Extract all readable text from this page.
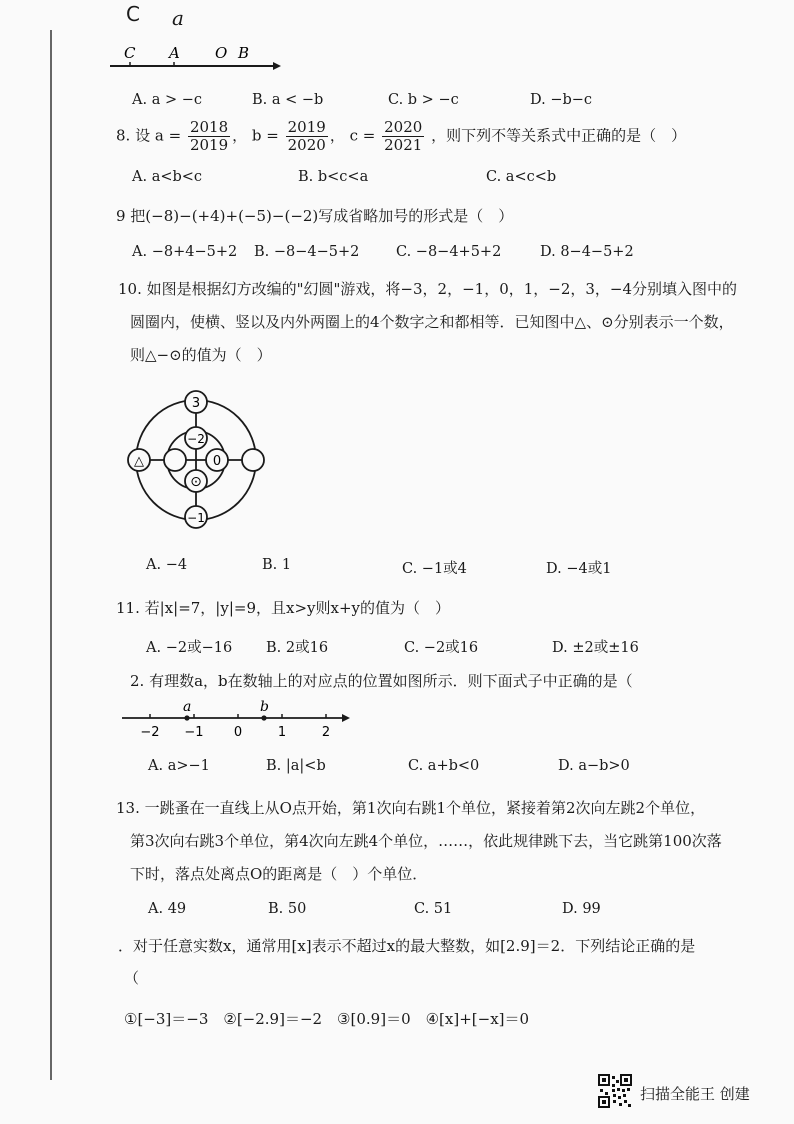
C a
C A O B
A. a > −c	B. a < −b	C. b > −c	D. −b−c
8. 设 $a = \frac{2018}{2019}$ ， $b = \frac{2019}{2020}$ ， $c = \frac{2020}{2021}$ ，则下列不等关系式中正确的是（　）
A. a<b<c	B. b<c<a	C. a<c<b
9 把(−8)−(+4)+(−5)−(−2)写成省略加号的形式是（　）
A. −8+4−5+2 B. −8−4−5+2	C. −8−4+5+2	D. 8−4−5+2
10. 如图是根据幻方改编的"幻圆"游戏，将−3，2，−1，0，1，−2，3，−4分别填入图中的
圆圈内，使横、竖以及内外两圈上的4个数字之和都相等．已知图中△、⊙分别表示一个数，
则△−⊙的值为（　）
3
−2
0
△
⊙
−1
A. −4	B. 1	C. −1或4	D. −4或1
11. 若|x|=7，|y|=9，且x>y则x+y的值为（　）
A. −2或−16 B. 2或16	C. −2或16	D. ±2或±16
2. 有理数a，b在数轴上的对应点的位置如图所示．则下面式子中正确的是（
a	b
−2 −1 0	1	2
A. a>−1	B. |a|<b	C. a+b<0	D. a−b>0
13. 一跳蚤在一直线上从O点开始，第1次向右跳1个单位，紧接着第2次向左跳2个单位，
第3次向右跳3个单位，第4次向左跳4个单位，……，依此规律跳下去，当它跳第100次落
下时，落点处离点O的距离是（　）个单位．
A. 49	B. 50	C. 51	D. 99
．对于任意实数x，通常用[x]表示不超过x的最大整数，如[2.9]＝2．下列结论正确的是
（
①[−3]＝−3　②[−2.9]＝−2　③[0.9]＝0　④[x]+[−x]＝0
扫描全能王 创建
